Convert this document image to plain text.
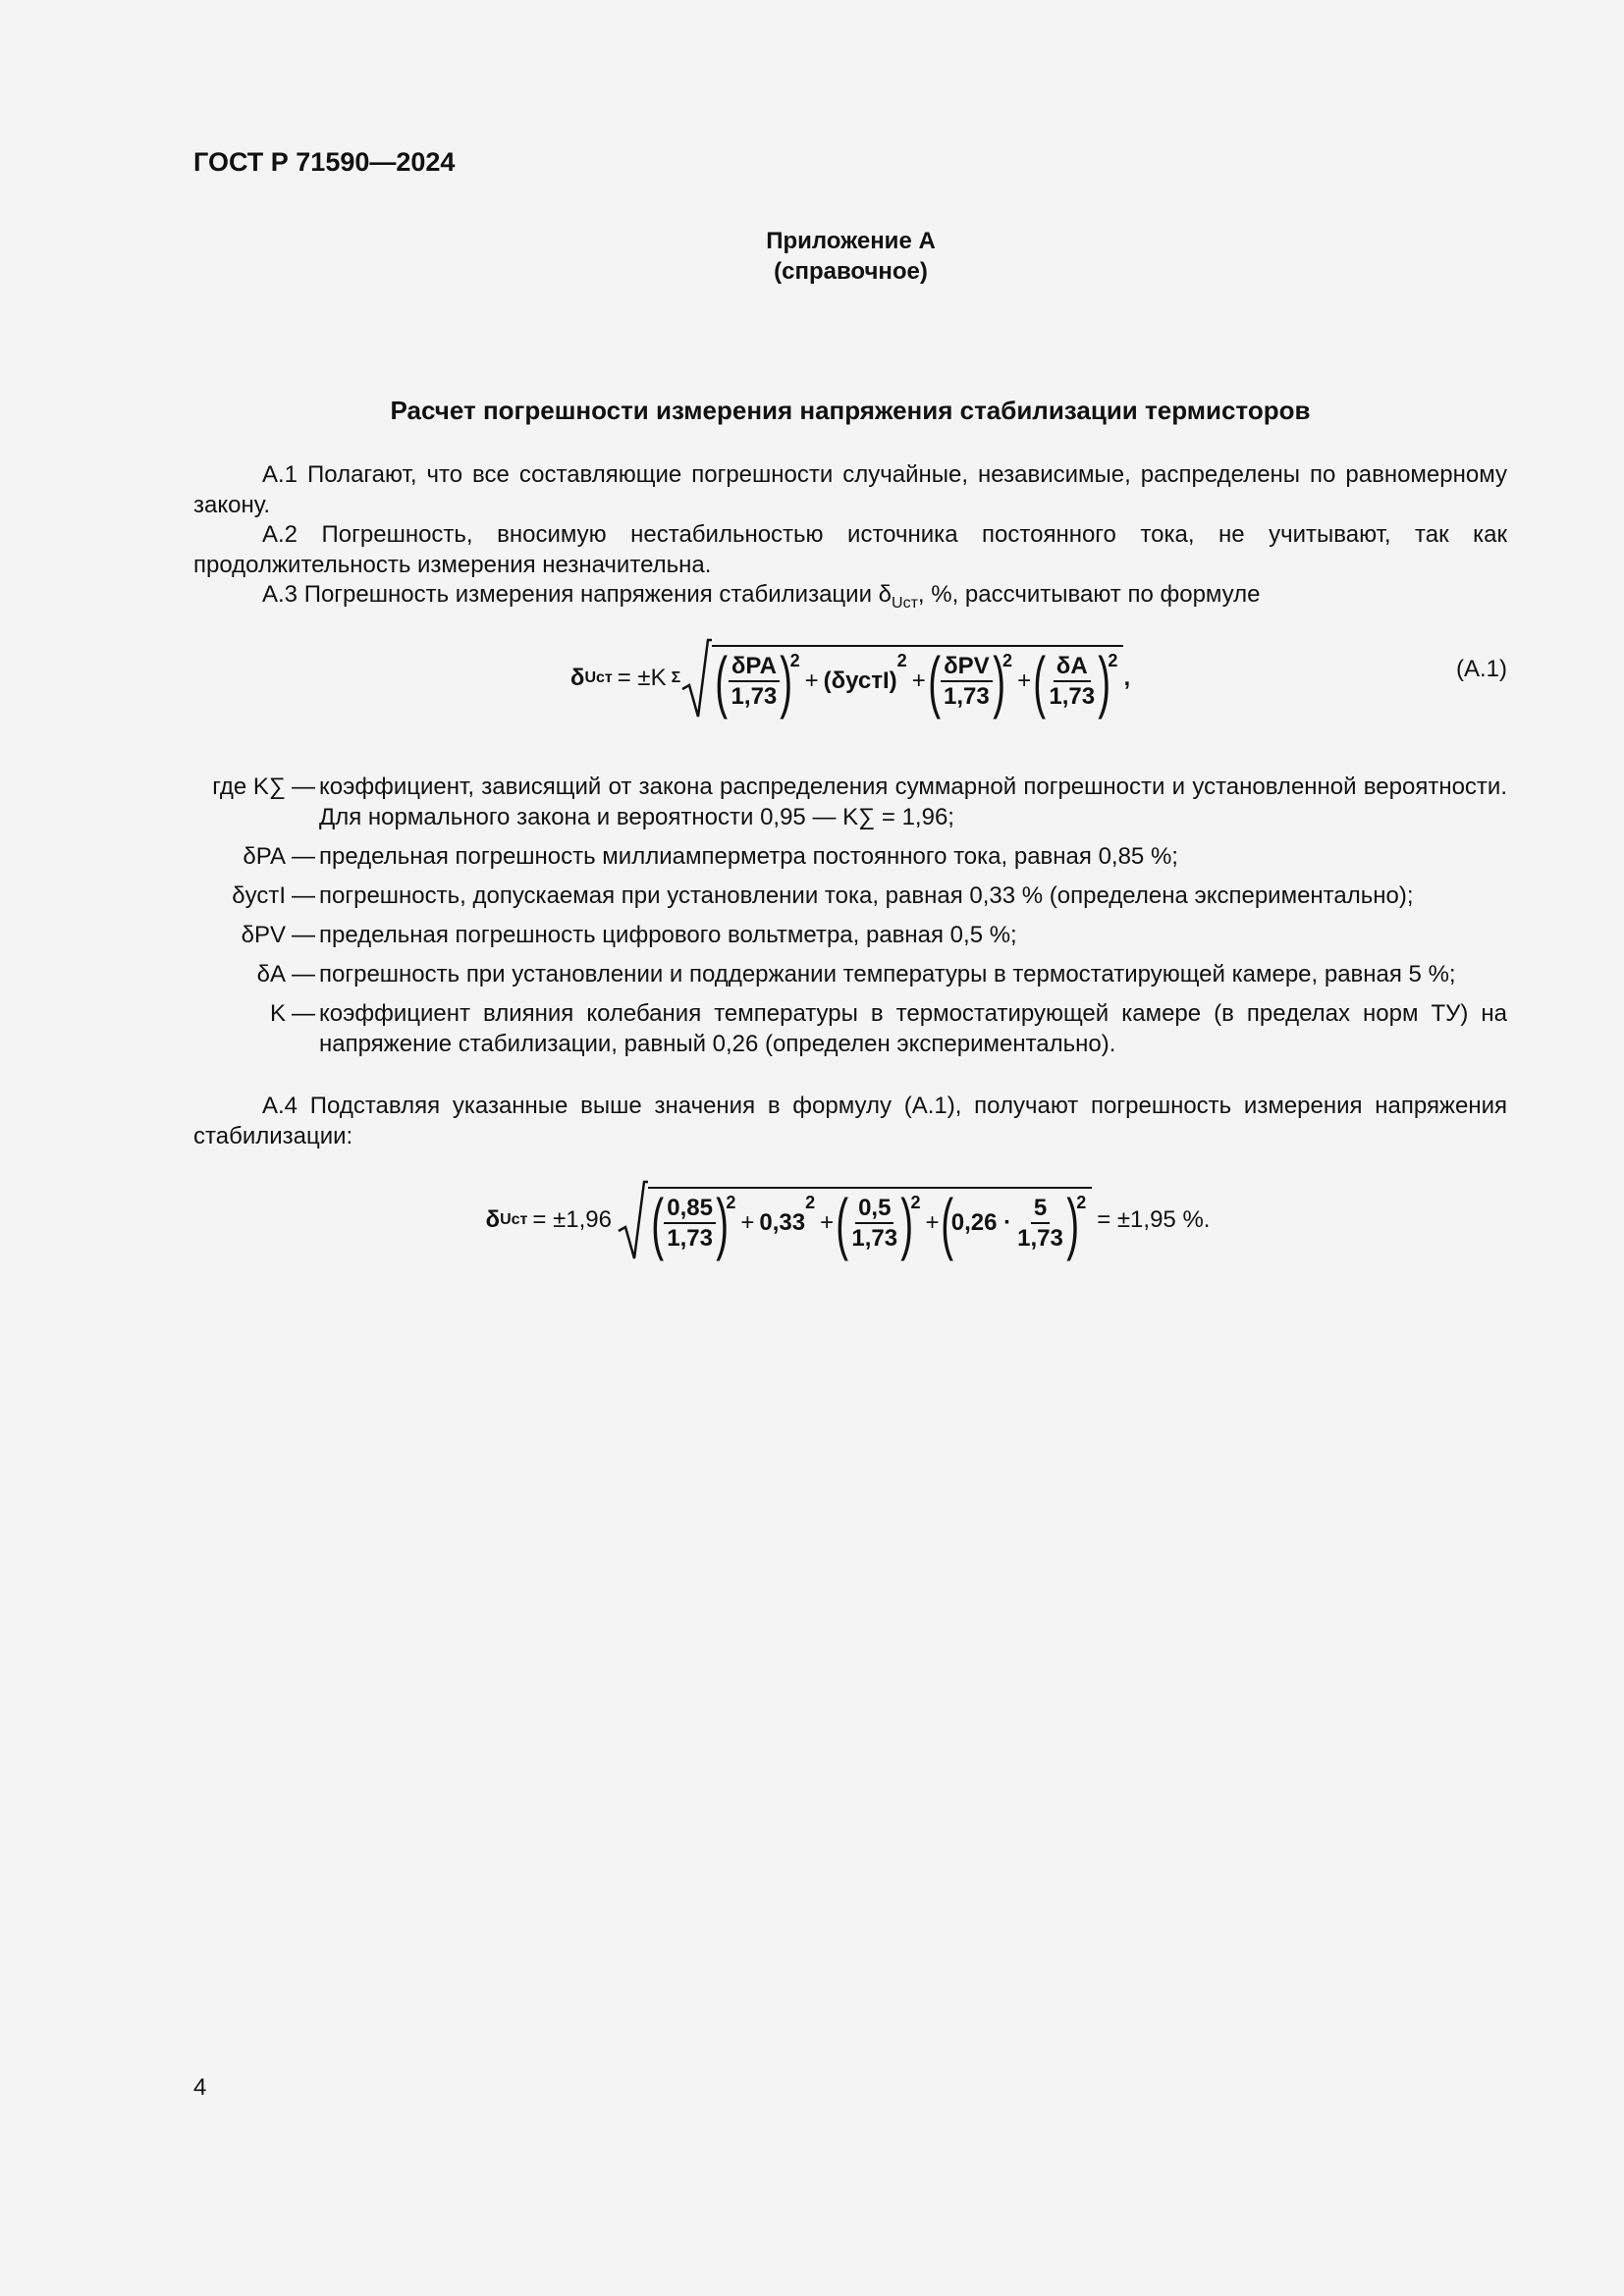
ГОСТ Р 71590—2024
Приложение А
(справочное)
Расчет погрешности измерения напряжения стабилизации термисторов
А.1 Полагают, что все составляющие погрешности случайные, независимые, распределены по равномерному закону.
А.2 Погрешность, вносимую нестабильностью источника постоянного тока, не учитывают, так как продолжительность измерения незначительна.
А.3 Погрешность измерения напряжения стабилизации $\delta_{Uст}$, %, рассчитывают по формуле
δ Uст = ±K Σ ( $\frac{\text{δPA}}{1,73}$ )
2
+ (δустI)
2
+ ( $\frac{\text{δPV}}{1,73}$ )
2
+ ( $\frac{\delta A}{1,73}$ )
2
,	(А.1)
где K∑ — коэффициент, зависящий от закона распределения суммарной погрешности и установленной вероятности. Для нормального закона и вероятности 0,95 — K∑ = 1,96;
δPA — предельная погрешность миллиамперметра постоянного тока, равная 0,85 %;
δустI — погрешность, допускаемая при установлении тока, равная 0,33 % (определена экспериментально);
δPV — предельная погрешность цифрового вольтметра, равная 0,5 %;
δA — погрешность при установлении и поддержании температуры в термостатирующей камере, равная 5 %;
K — коэффициент влияния колебания температуры в термостатирующей камере (в пределах норм ТУ) на напряжение стабилизации, равный 0,26 (определен экспериментально).
А.4 Подставляя указанные выше значения в формулу (А.1), получают погрешность измерения напряжения стабилизации:
δ Uст = ±1,96 ( $\frac{0,85}{1,73}$ )
2
+ 0,33
2
+ ( $\frac{0,5}{1,73}$ )
2
+ (
$0,26 \cdot \frac{5}{1,73}$ )
2
= ±1,95 %.
4
